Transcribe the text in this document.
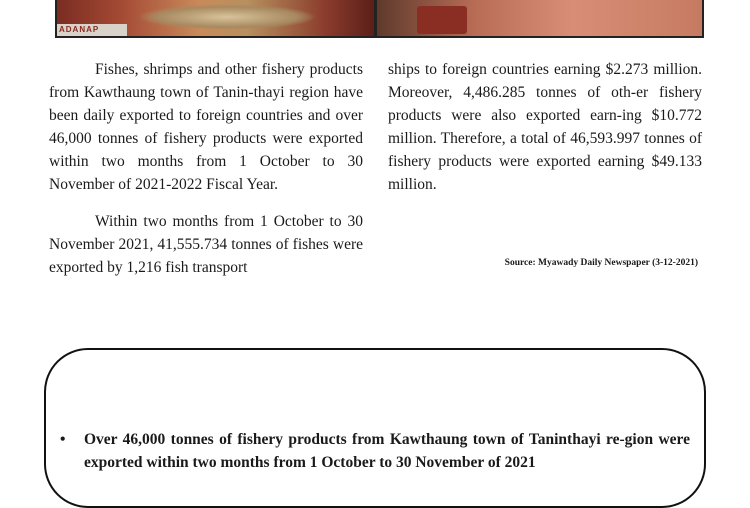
ADANAP

Fishes, shrimps and other fishery products from Kawthaung town of Tanin-thayi region have been daily exported to foreign countries and over 46,000 tonnes of fishery products were exported within two months from 1 October to 30 November of 2021-2022 Fiscal Year.

Within two months from 1 October to 30 November 2021, 41,555.734 tonnes of fishes were exported by 1,216 fish transport

ships to foreign countries earning $2.273 million. Moreover, 4,486.285 tonnes of oth-er fishery products were also exported earn-ing $10.772 million. Therefore, a total of 46,593.997 tonnes of fishery products were exported earning $49.133 million.

Source: Myawady Daily Newspaper (3-12-2021)
• Over 46,000 tonnes of fishery products from Kawthaung town of Taninthayi re-gion were exported within two months from 1 October to 30 November of 2021
